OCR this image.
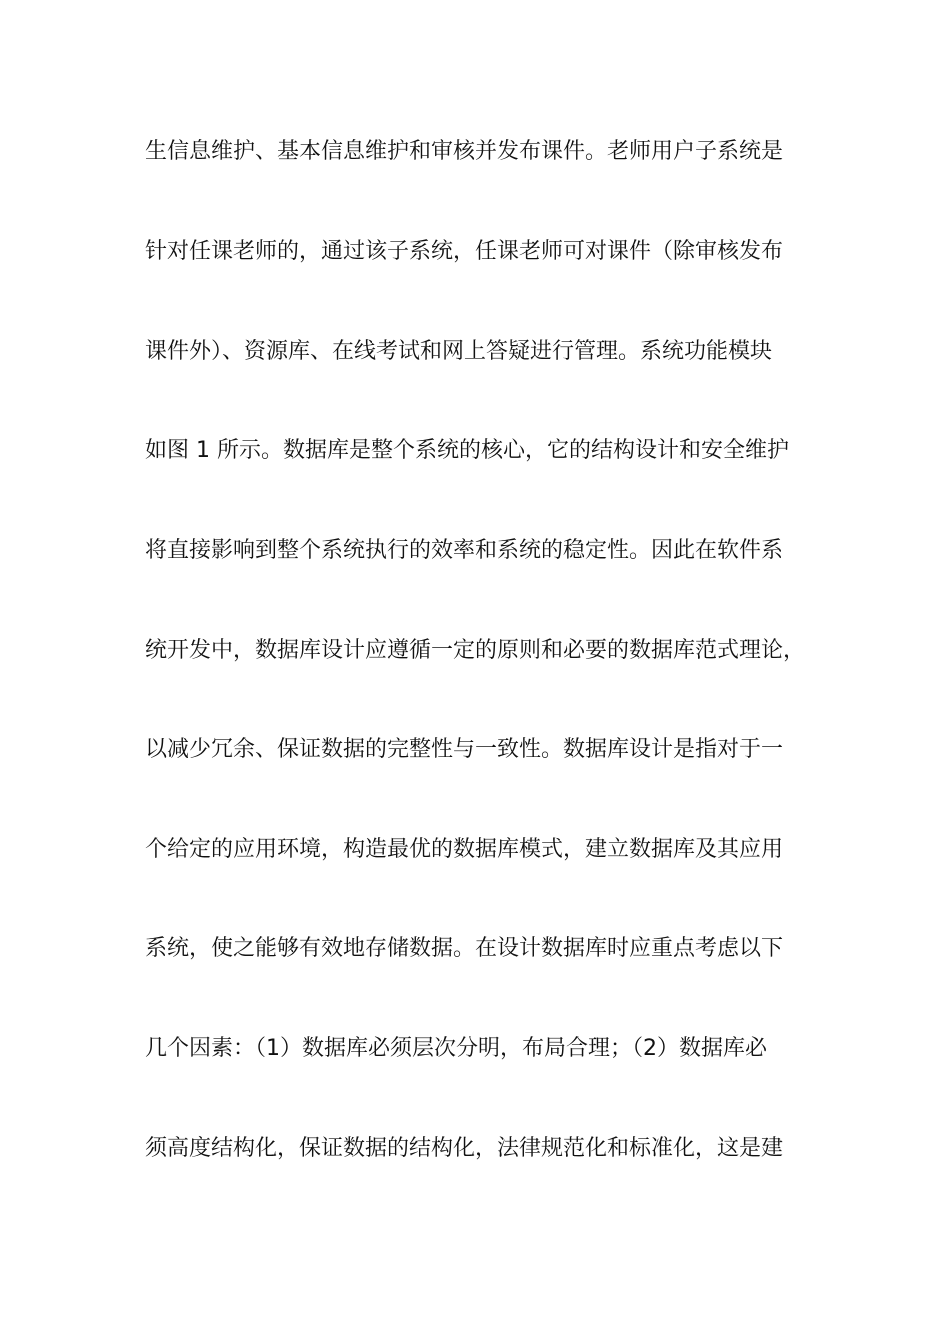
生信息维护、基本信息维护和审核并发布课件。老师用户子系统是
针对任课老师的，通过该子系统，任课老师可对课件（除审核发布
课件外）、资源库、在线考试和网上答疑进行管理。系统功能模块
如图 1 所示。数据库是整个系统的核心，它的结构设计和安全维护
将直接影响到整个系统执行的效率和系统的稳定性。因此在软件系
统开发中，数据库设计应遵循一定的原则和必要的数据库范式理论，
以减少冗余、保证数据的完整性与一致性。数据库设计是指对于一
个给定的应用环境，构造最优的数据库模式，建立数据库及其应用
系统，使之能够有效地存储数据。在设计数据库时应重点考虑以下
几个因素：（1）数据库必须层次分明，布局合理；（2）数据库必
须高度结构化，保证数据的结构化，法律规范化和标准化，这是建
